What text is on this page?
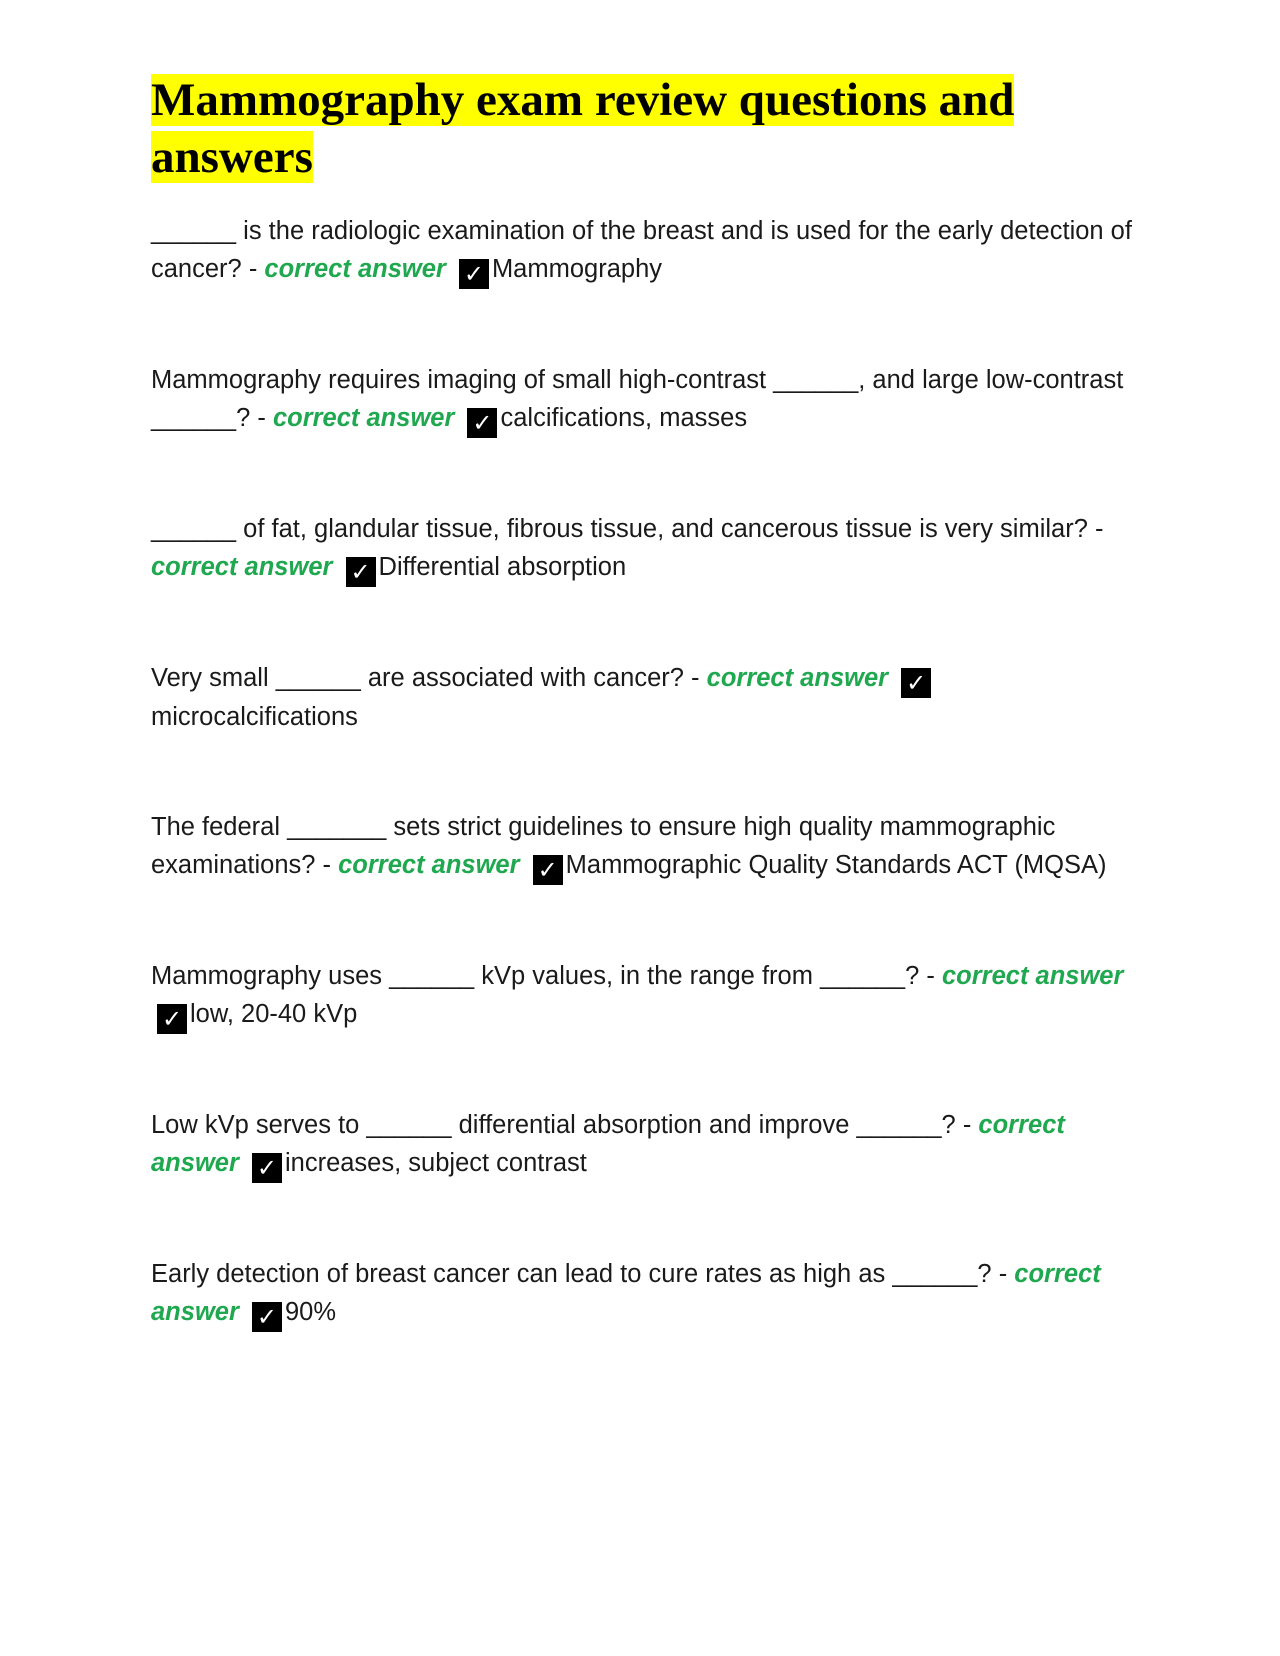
Mammography exam review questions and answers

______ is the radiologic examination of the breast and is used for the early detection of cancer? - correct answer ✓ Mammography

Mammography requires imaging of small high-contrast ______, and large low-contrast ______? - correct answer ✓ calcifications, masses

______ of fat, glandular tissue, fibrous tissue, and cancerous tissue is very similar? - correct answer ✓ Differential absorption

Very small ______ are associated with cancer? - correct answer ✓microcalcifications

The federal _______ sets strict guidelines to ensure high quality mammographic examinations? - correct answer ✓ Mammographic Quality Standards ACT (MQSA)

Mammography uses ______ kVp values, in the range from ______? - correct answer ✓ low, 20-40 kVp

Low kVp serves to ______ differential absorption and improve ______? - correct answer ✓ increases, subject contrast

Early detection of breast cancer can lead to cure rates as high as ______? - correct answer ✓ 90%
